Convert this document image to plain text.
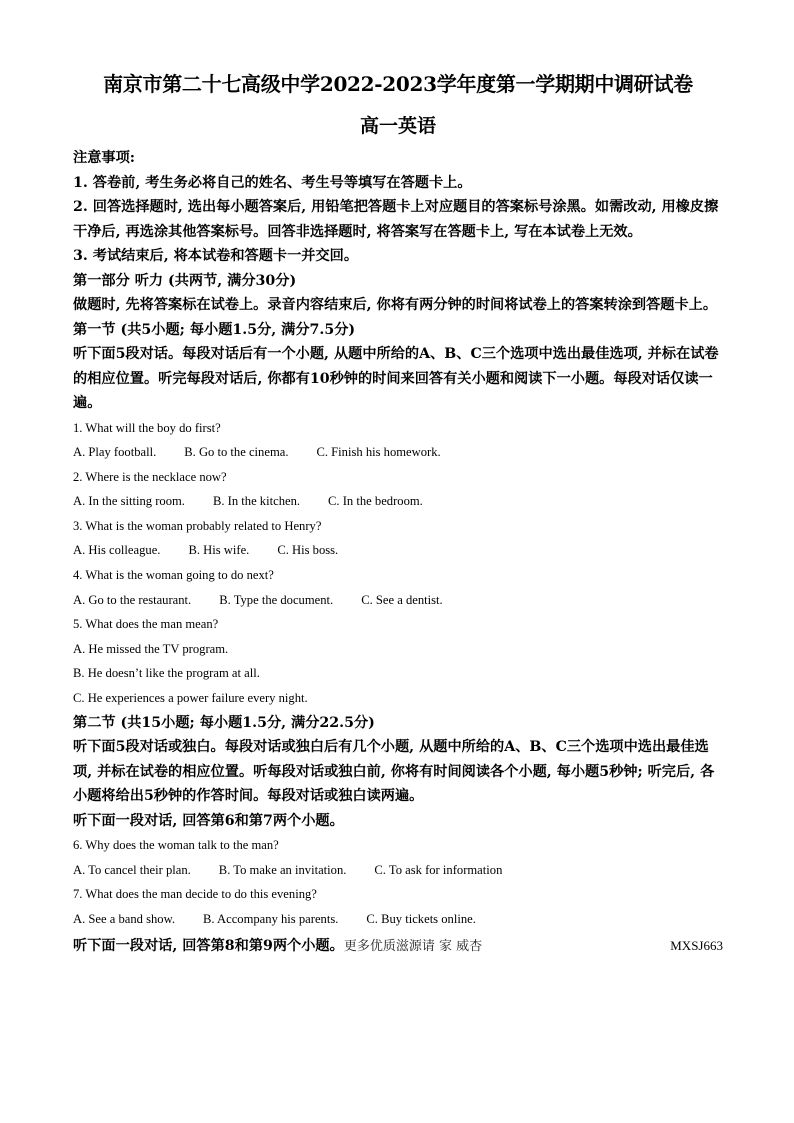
南京市第二十七高级中学2022-2023学年度第一学期期中调研试卷
高一英语

注意事项:

1. 答卷前, 考生务必将自己的姓名、考生号等填写在答题卡上。

2. 回答选择题时, 选出每小题答案后, 用铅笔把答题卡上对应题目的答案标号涂黑。如需改动, 用橡皮擦干净后, 再选涂其他答案标号。回答非选择题时, 将答案写在答题卡上, 写在本试卷上无效。

3. 考试结束后, 将本试卷和答题卡一并交回。

第一部分 听力 (共两节, 满分30分)

做题时, 先将答案标在试卷上。录音内容结束后, 你将有两分钟的时间将试卷上的答案转涂到答题卡上。

第一节 (共5小题; 每小题1.5分, 满分7.5分)

听下面5段对话。每段对话后有一个小题, 从题中所给的A、B、C三个选项中选出最佳选项, 并标在试卷的相应位置。听完每段对话后, 你都有10秒钟的时间来回答有关小题和阅读下一小题。每段对话仅读一遍。

1. What will the boy do first?

A. Play football. B. Go to the cinema. C. Finish his homework.

2. Where is the necklace now?

A. In the sitting room. B. In the kitchen. C. In the bedroom.

3. What is the woman probably related to Henry?

A. His colleague. B. His wife. C. His boss.

4. What is the woman going to do next?

A. Go to the restaurant. B. Type the document. C. See a dentist.

5. What does the man mean?

A. He missed the TV program.

B. He doesn’t like the program at all.

C. He experiences a power failure every night.

第二节 (共15小题; 每小题1.5分, 满分22.5分)

听下面5段对话或独白。每段对话或独白后有几个小题, 从题中所给的A、B、C三个选项中选出最佳选项, 并标在试卷的相应位置。听每段对话或独白前, 你将有时间阅读各个小题, 每小题5秒钟; 听完后, 各小题将给出5秒钟的作答时间。每段对话或独白读两遍。

听下面一段对话, 回答第6和第7两个小题。

6. Why does the woman talk to the man?

A. To cancel their plan. B. To make an invitation. C. To ask for information

7. What does the man decide to do this evening?

A. See a band show. B. Accompany his parents. C. Buy tickets online.

听下面一段对话, 回答第8和第9两个小题。更多优质滋源请 家 威杏	MXSJ663
